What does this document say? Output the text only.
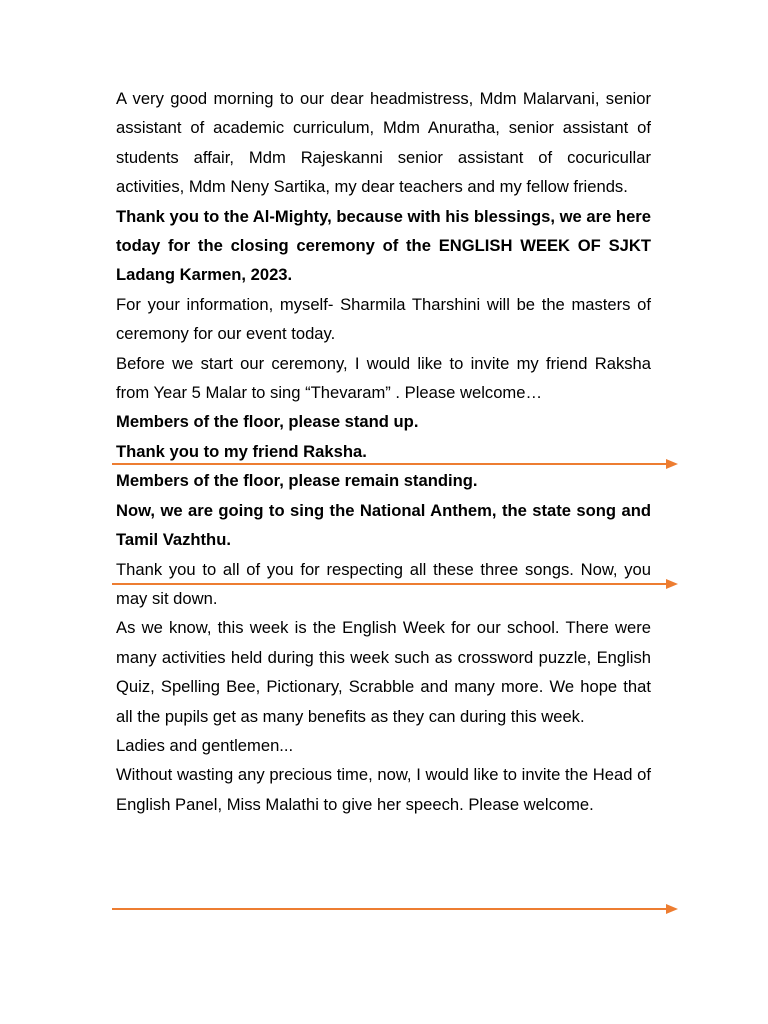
A very good morning to our dear headmistress, Mdm Malarvani, senior assistant of academic curriculum, Mdm Anuratha, senior assistant of students affair, Mdm Rajeskanni senior assistant of cocuricullar activities, Mdm Neny Sartika, my dear teachers and my fellow friends.

Thank you to the Al-Mighty, because with his blessings, we are here today for the closing ceremony of the ENGLISH WEEK OF SJKT Ladang Karmen, 2023.

For your information, myself- Sharmila Tharshini will be the masters of ceremony for our event today.

Before we start our ceremony, I would like to invite my friend Raksha from Year 5 Malar to sing “Thevaram” . Please welcome…

Members of the floor, please stand up.

Thank you to my friend Raksha.

Members of the floor, please remain standing.

Now, we are going to sing the National Anthem, the state song and Tamil Vazhthu.

Thank you to all of you for respecting all these three songs. Now, you may sit down.

As we know, this week is the English Week for our school. There were many activities held during this week such as crossword puzzle, English Quiz, Spelling Bee, Pictionary, Scrabble and many more. We hope that all the pupils get as many benefits as they can during this week.

Ladies and gentlemen...

Without wasting any precious time, now, I would like to invite the Head of English Panel, Miss Malathi to give her speech. Please welcome.
